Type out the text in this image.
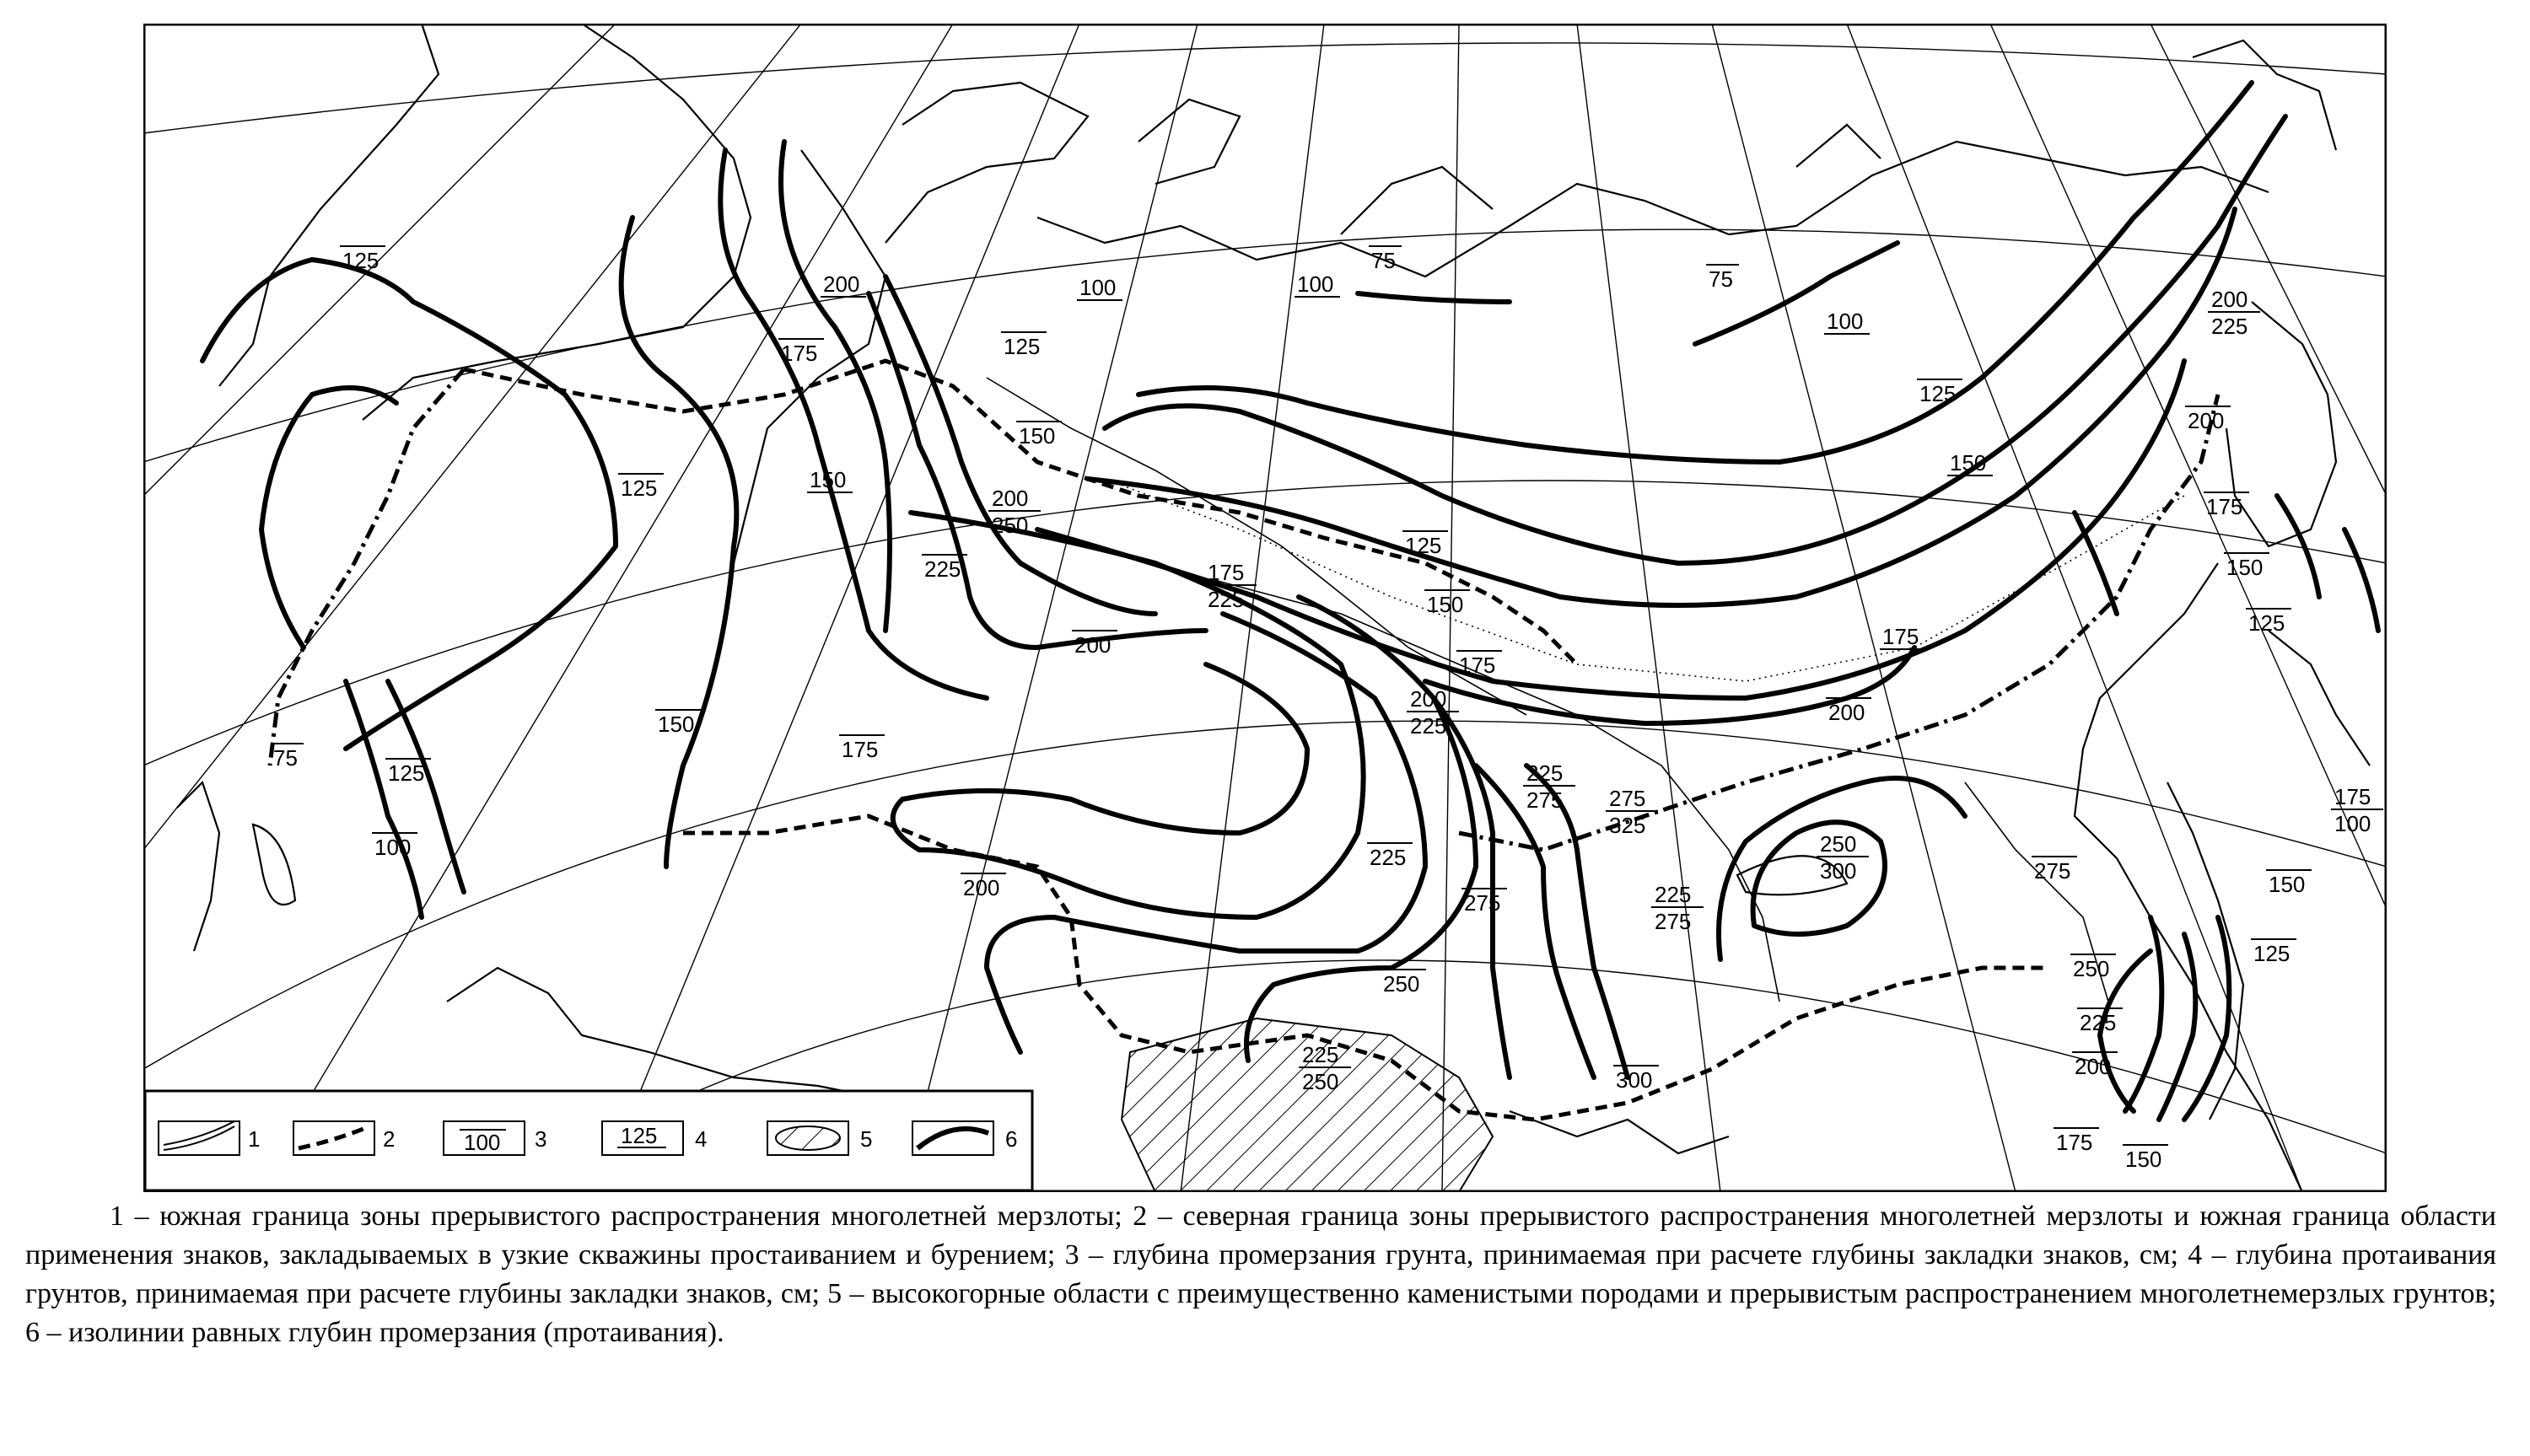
125
200
175
150
125
150
175
75
125
100
100
125
150
200
250
225	175
225
200
100
75
125
150
175
200
225
225
275 275
325
225
275
250
300
200
225
275
250
225
250	300
75
100
125
150
175
200
200
225
200
175
150
125
175
100
275
150
125
250
225
200
175
150
1	2	100 3	125 4	5	6

1 – южная граница зоны прерывистого распространения многолетней мерзлоты; 2 – северная граница зоны прерывистого распространения многолетней мерзлоты и южная граница области применения знаков, закладываемых в узкие скважины простаиванием и бурением; 3 – глубина промерзания грунта, принимаемая при расчете глубины закладки знаков, см; 4 – глубина протаивания грунтов, принимаемая при расчете глубины закладки знаков, см; 5 – высокогорные области с преимущественно каменистыми породами и прерывистым распространением многолетнемерзлых грунтов; 6 – изолинии равных глубин промерзания (протаивания).
